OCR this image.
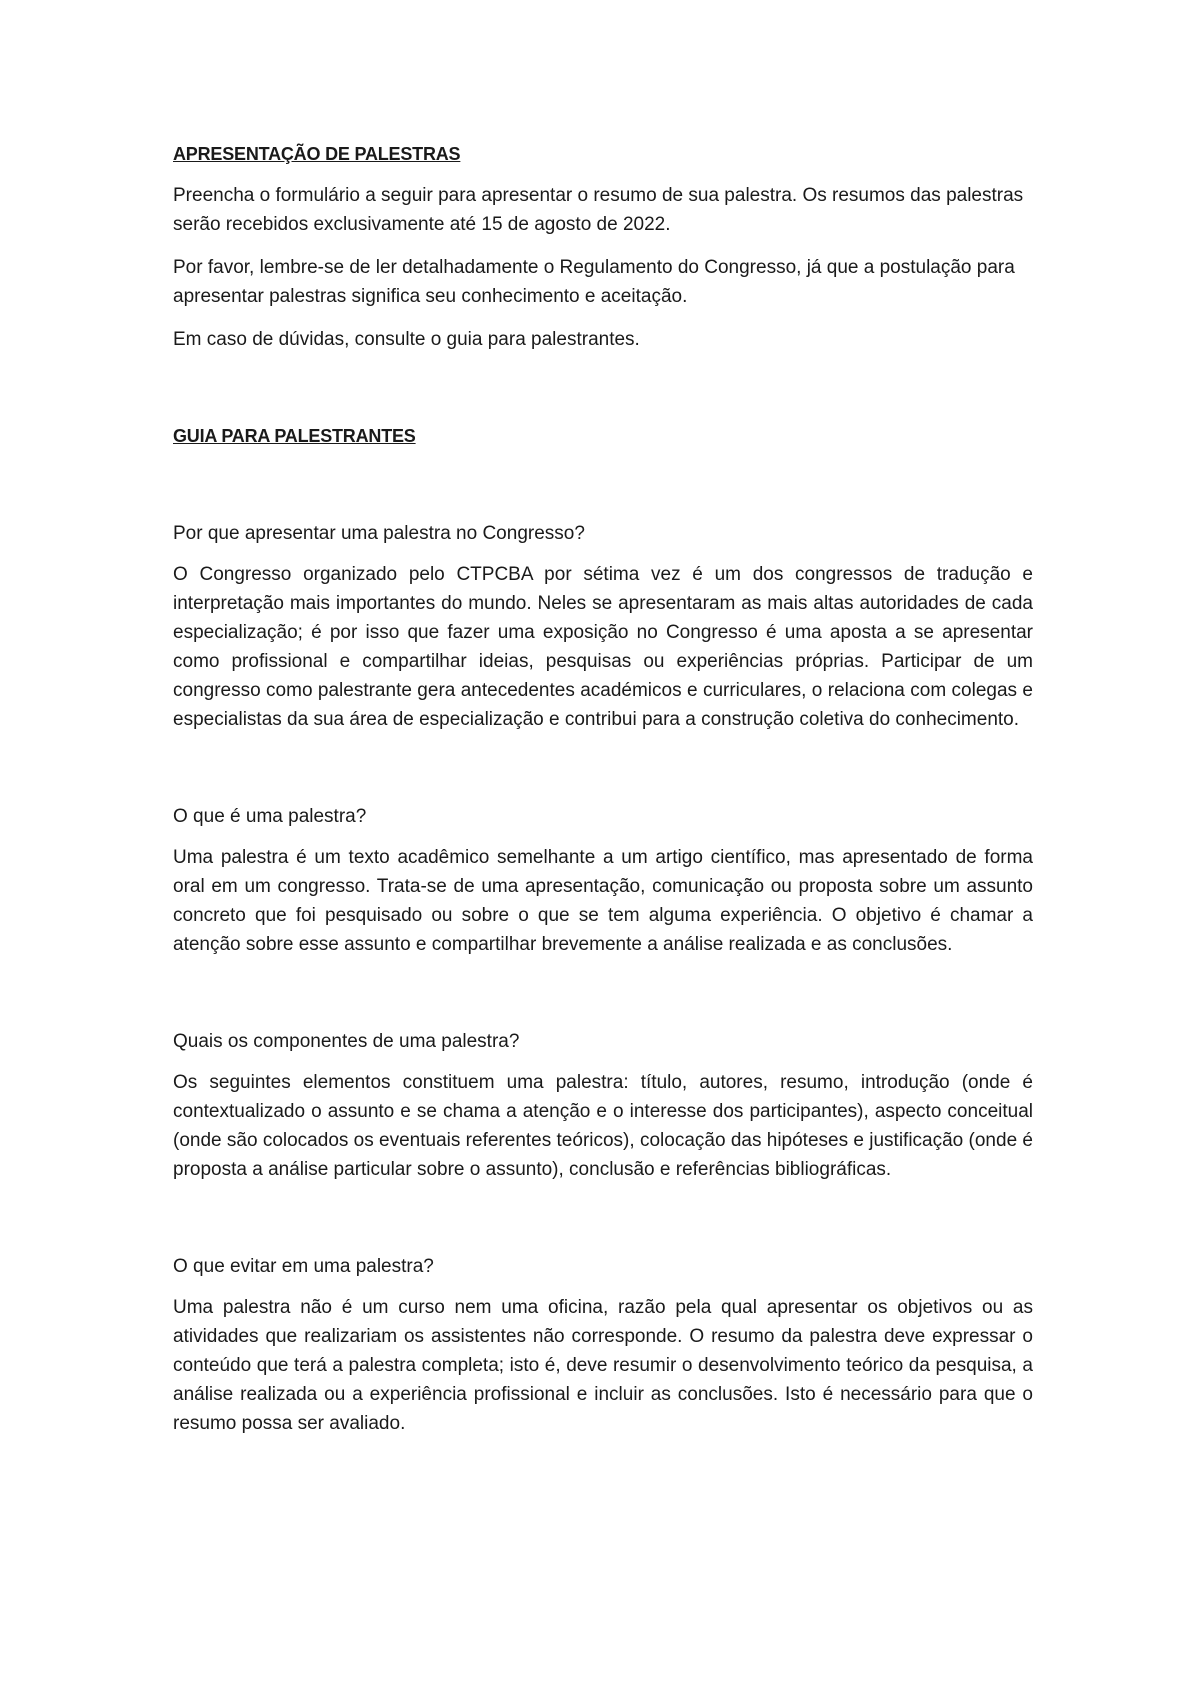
APRESENTAÇÃO DE PALESTRAS

Preencha o formulário a seguir para apresentar o resumo de sua palestra. Os resumos das palestras serão recebidos exclusivamente até 15 de agosto de 2022.

Por favor, lembre-se de ler detalhadamente o Regulamento do Congresso, já que a postulação para apresentar palestras significa seu conhecimento e aceitação.

Em caso de dúvidas, consulte o guia para palestrantes.

GUIA PARA PALESTRANTES

Por que apresentar uma palestra no Congresso?

O Congresso organizado pelo CTPCBA por sétima vez é um dos congressos de tradução e interpretação mais importantes do mundo. Neles se apresentaram as mais altas autoridades de cada especialização; é por isso que fazer uma exposição no Congresso é uma aposta a se apresentar como profissional e compartilhar ideias, pesquisas ou experiências próprias. Participar de um congresso como palestrante gera antecedentes académicos e curriculares, o relaciona com colegas e especialistas da sua área de especialização e contribui para a construção coletiva do conhecimento.

O que é uma palestra?

Uma palestra é um texto acadêmico semelhante a um artigo científico, mas apresentado de forma oral em um congresso. Trata-se de uma apresentação, comunicação ou proposta sobre um assunto concreto que foi pesquisado ou sobre o que se tem alguma experiência. O objetivo é chamar a atenção sobre esse assunto e compartilhar brevemente a análise realizada e as conclusões.

Quais os componentes de uma palestra?

Os seguintes elementos constituem uma palestra: título, autores, resumo, introdução (onde é contextualizado o assunto e se chama a atenção e o interesse dos participantes), aspecto conceitual (onde são colocados os eventuais referentes teóricos), colocação das hipóteses e justificação (onde é proposta a análise particular sobre o assunto), conclusão e referências bibliográficas.

O que evitar em uma palestra?

Uma palestra não é um curso nem uma oficina, razão pela qual apresentar os objetivos ou as atividades que realizariam os assistentes não corresponde. O resumo da palestra deve expressar o conteúdo que terá a palestra completa; isto é, deve resumir o desenvolvimento teórico da pesquisa, a análise realizada ou a experiência profissional e incluir as conclusões. Isto é necessário para que o resumo possa ser avaliado.
